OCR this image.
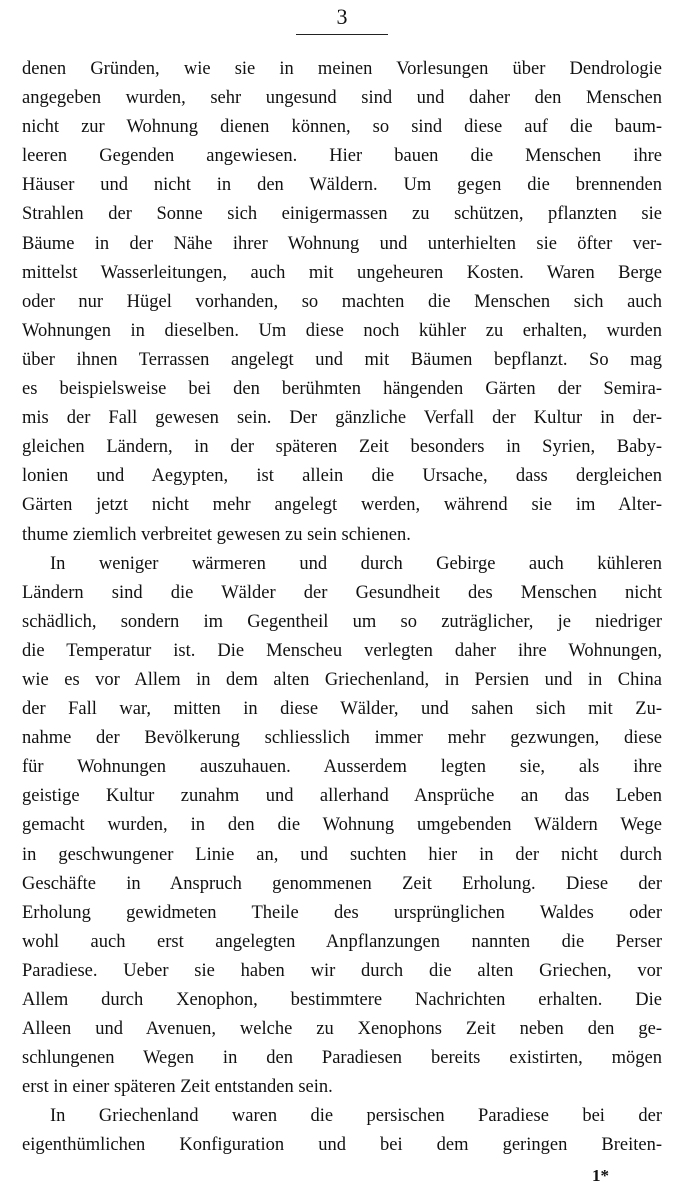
3
denen Gründen, wie sie in meinen Vorlesungen über Dendrologie
angegeben wurden, sehr ungesund sind und daher den Menschen
nicht zur Wohnung dienen können, so sind diese auf die baum-
leeren Gegenden angewiesen. Hier bauen die Menschen ihre
Häuser und nicht in den Wäldern. Um gegen die brennenden
Strahlen der Sonne sich einigermassen zu schützen, pflanzten sie
Bäume in der Nähe ihrer Wohnung und unterhielten sie öfter ver-
mittelst Wasserleitungen, auch mit ungeheuren Kosten. Waren Berge
oder nur Hügel vorhanden, so machten die Menschen sich auch
Wohnungen in dieselben. Um diese noch kühler zu erhalten, wurden
über ihnen Terrassen angelegt und mit Bäumen bepflanzt. So mag
es beispielsweise bei den berühmten hängenden Gärten der Semira-
mis der Fall gewesen sein. Der gänzliche Verfall der Kultur in der-
gleichen Ländern, in der späteren Zeit besonders in Syrien, Baby-
lonien und Aegypten, ist allein die Ursache, dass dergleichen
Gärten jetzt nicht mehr angelegt werden, während sie im Alter-
thume ziemlich verbreitet gewesen zu sein schienen.
In weniger wärmeren und durch Gebirge auch kühleren
Ländern sind die Wälder der Gesundheit des Menschen nicht
schädlich, sondern im Gegentheil um so zuträglicher, je niedriger
die Temperatur ist. Die Menscheu verlegten daher ihre Wohnungen,
wie es vor Allem in dem alten Griechenland, in Persien und in China
der Fall war, mitten in diese Wälder, und sahen sich mit Zu-
nahme der Bevölkerung schliesslich immer mehr gezwungen, diese
für Wohnungen auszuhauen. Ausserdem legten sie, als ihre
geistige Kultur zunahm und allerhand Ansprüche an das Leben
gemacht wurden, in den die Wohnung umgebenden Wäldern Wege
in geschwungener Linie an, und suchten hier in der nicht durch
Geschäfte in Anspruch genommenen Zeit Erholung. Diese der
Erholung gewidmeten Theile des ursprünglichen Waldes oder
wohl auch erst angelegten Anpflanzungen nannten die Perser
Paradiese. Ueber sie haben wir durch die alten Griechen, vor
Allem durch Xenophon, bestimmtere Nachrichten erhalten. Die
Alleen und Avenuen, welche zu Xenophons Zeit neben den ge-
schlungenen Wegen in den Paradiesen bereits existirten, mögen
erst in einer späteren Zeit entstanden sein.
In Griechenland waren die persischen Paradiese bei der
eigenthümlichen Konfiguration und bei dem geringen Breiten-
1*
